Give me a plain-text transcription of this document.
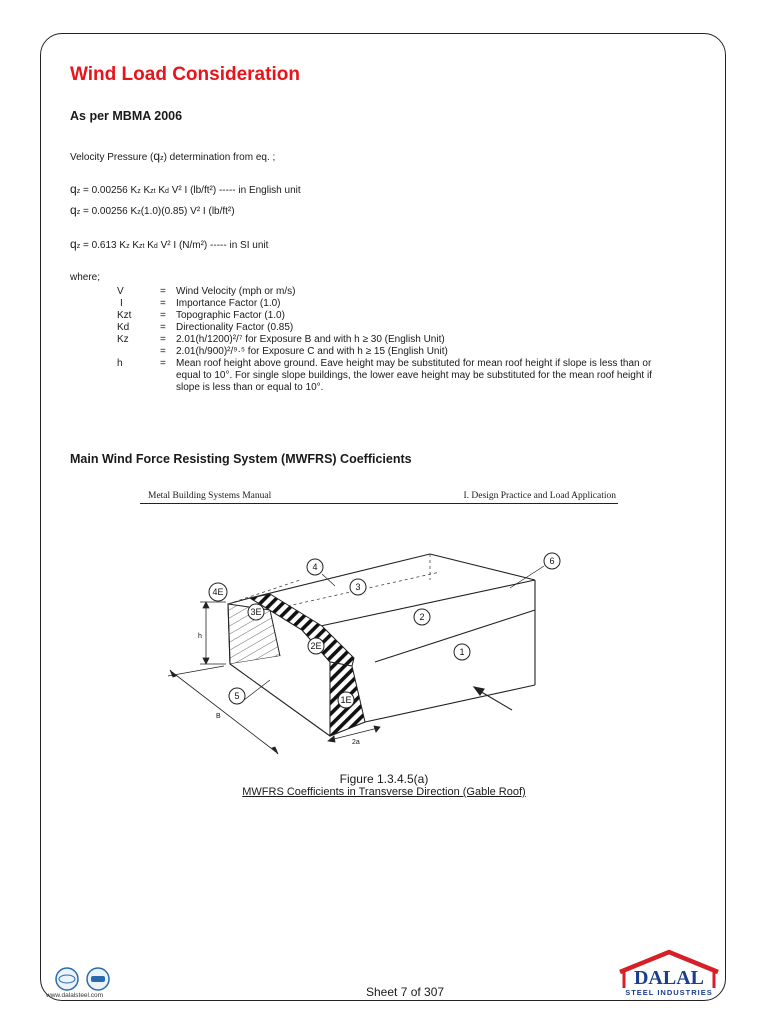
Wind Load Consideration
As per MBMA 2006
Velocity Pressure (qz) determination from eq. ;
qz = 0.00256 Kz Kzt Kd V² I (lb/ft²) ----- in English unit
qz = 0.00256 Kz(1.0)(0.85) V² I (lb/ft²)
qz = 0.613 Kz Kzt Kd V² I (N/m²) ----- in SI unit
where;
V	= Wind Velocity (mph or m/s)
I	= Importance Factor (1.0)
Kzt	= Topographic Factor (1.0)
Kd	= Directionality Factor (0.85)
Kz	= 2.01(h/1200)²/⁷ for Exposure B and with h ≥ 30 (English Unit)
= 2.01(h/900)²/⁹·⁵ for Exposure C and with h ≥ 15 (English Unit)
h	= Mean roof height above ground. Eave height may be substituted for mean roof height if slope is less than or equal to 10°. For single slope buildings, the lower eave height may be substituted for the mean roof height if slope is less than or equal to 10°.
Main Wind Force Resisting System (MWFRS) Coefficients
Metal Building Systems Manual	I. Design Practice and Load Application
4E
3E
2E
1E
1
2
3
4
5
6
h
B
2a
Figure 1.3.4.5(a)
MWFRS Coefficients in Transverse Direction (Gable Roof)
www.dalalsteel.com	Sheet 7 of 307
DALAL
STEEL INDUSTRIES
